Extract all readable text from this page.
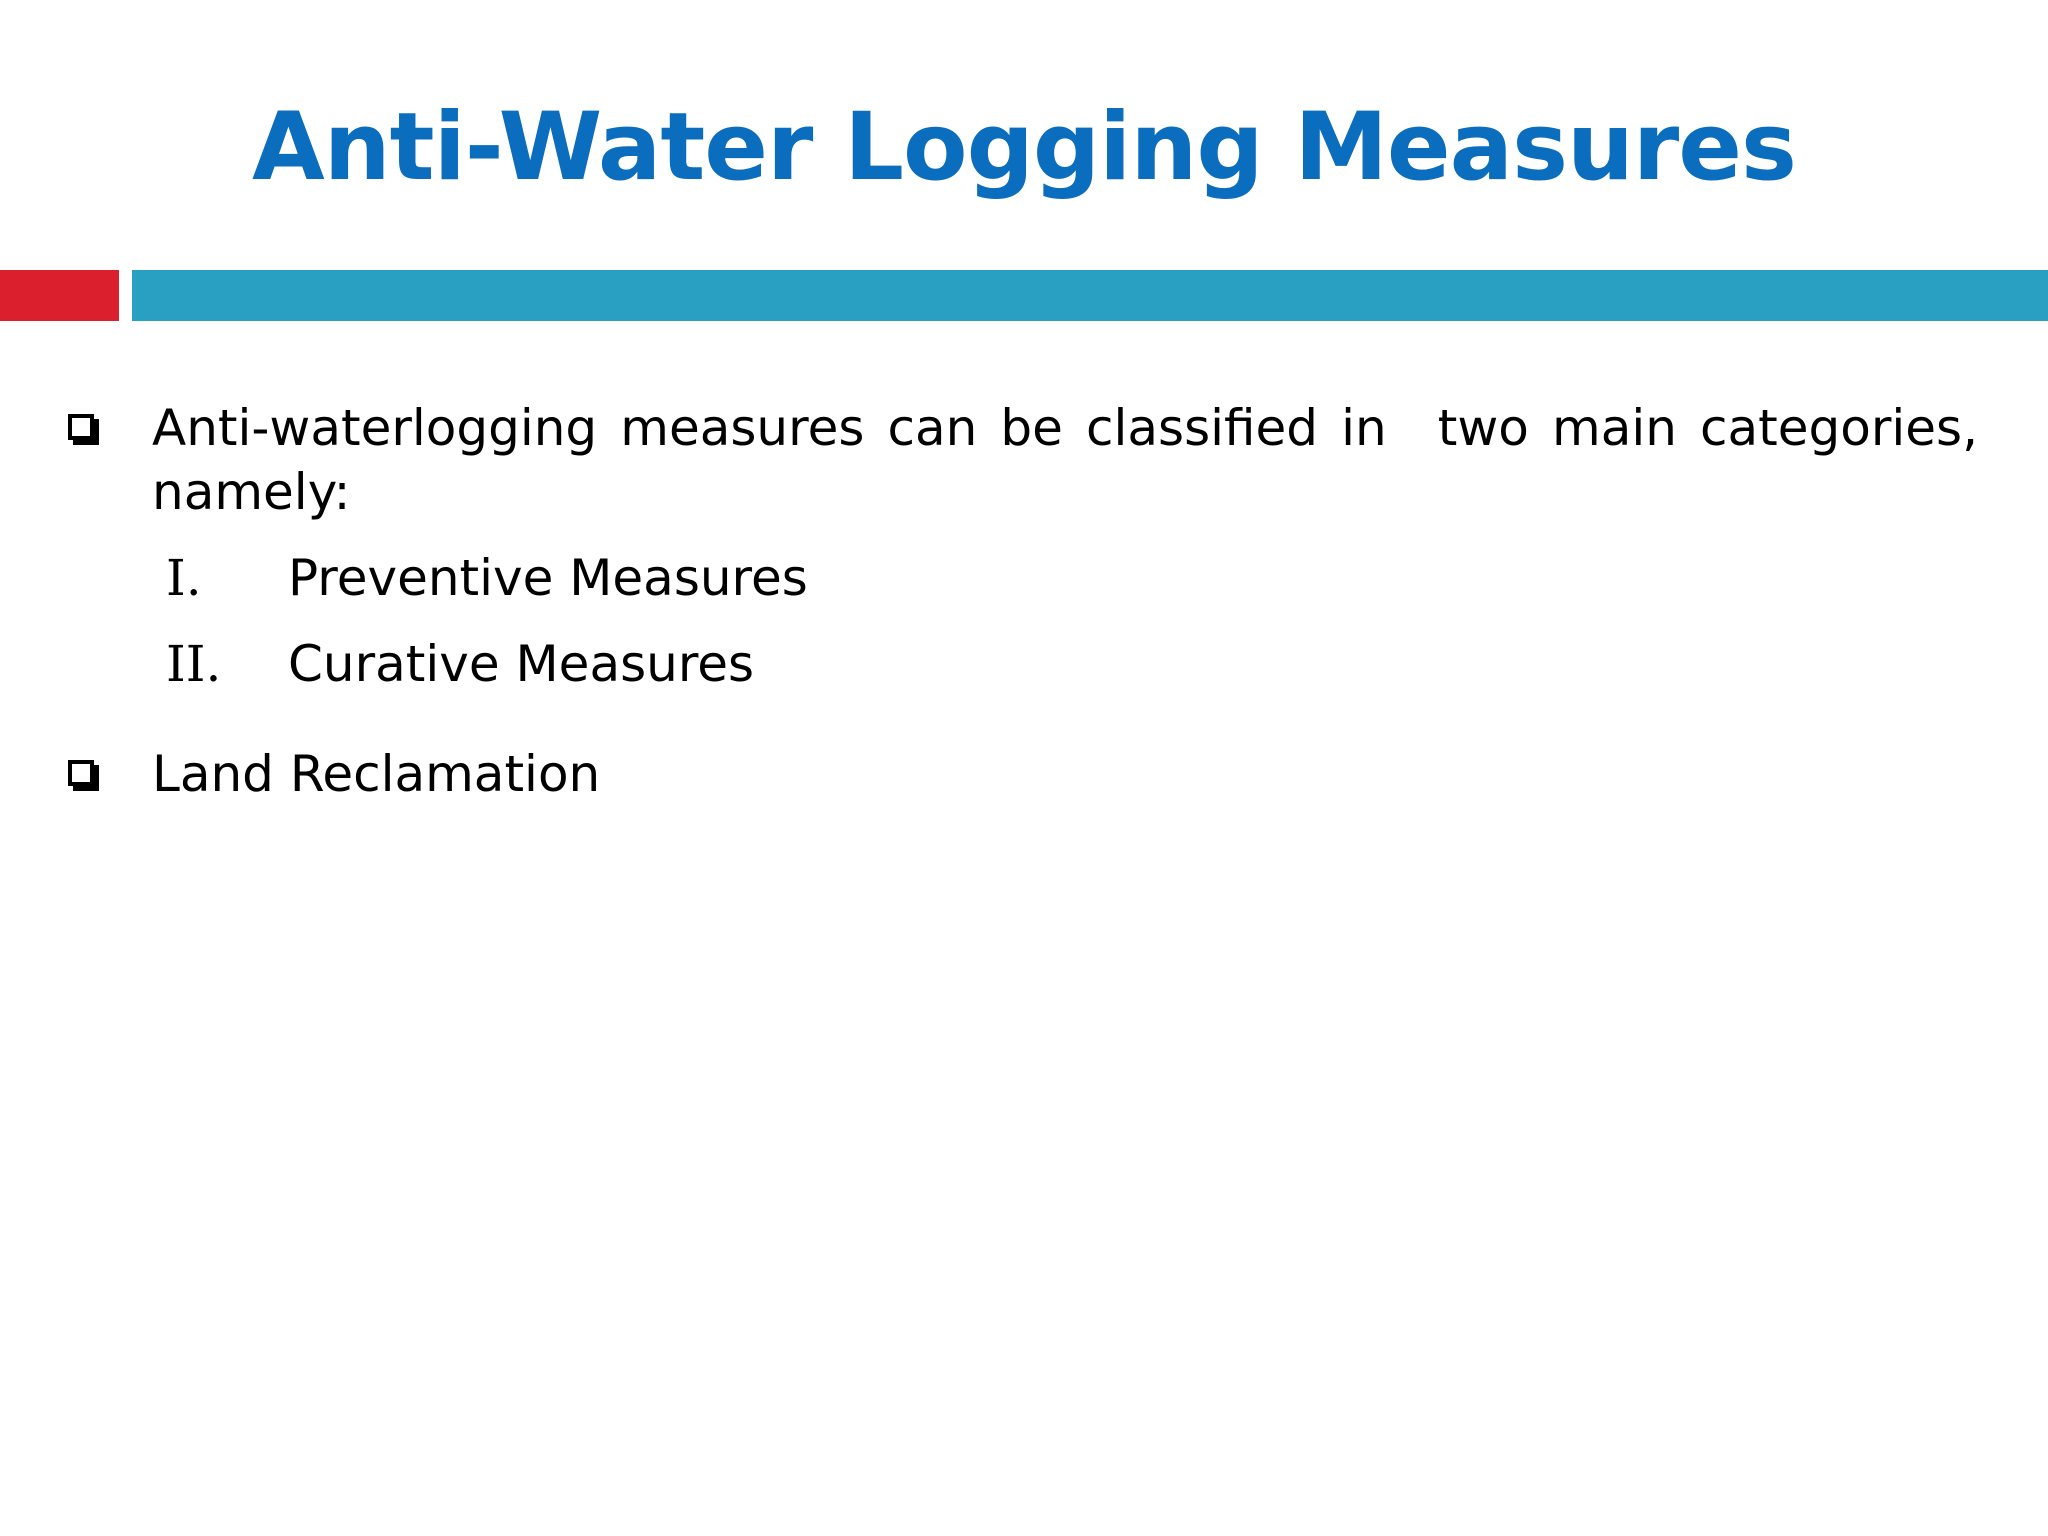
Anti-Water Logging Measures
Anti-waterlogging measures can be classified in two main categories,
namely:
I. Preventive Measures
II. Curative Measures
Land Reclamation
